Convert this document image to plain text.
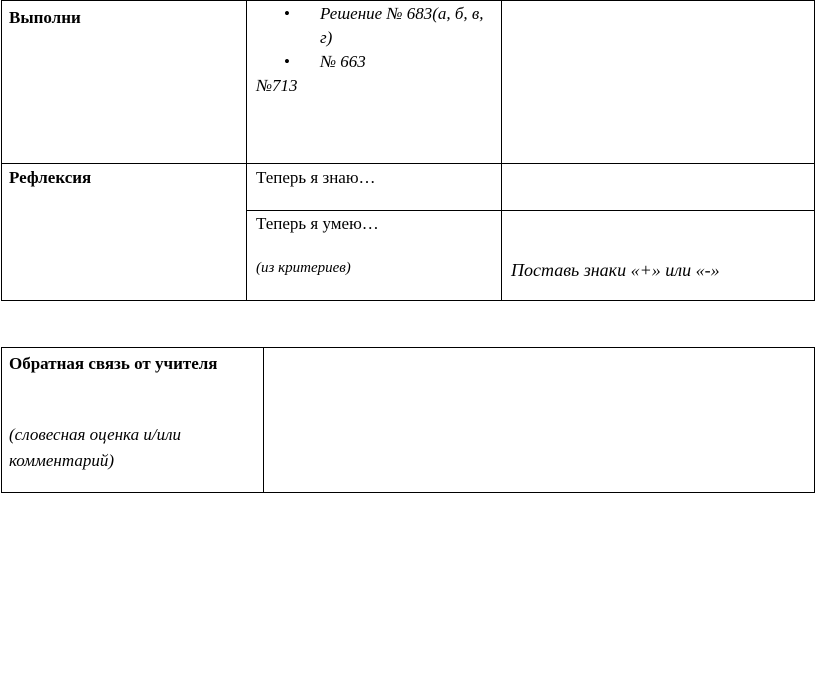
Выполни	• Решение № 683(а, б, в, г)
• № 663
№713
Рефлексия	Теперь я знаю…
Теперь я умею…
(из критериев)	Поставь знаки «+» или «-»
Обратная связь от учителя
(словесная оценка и/или комментарий)
